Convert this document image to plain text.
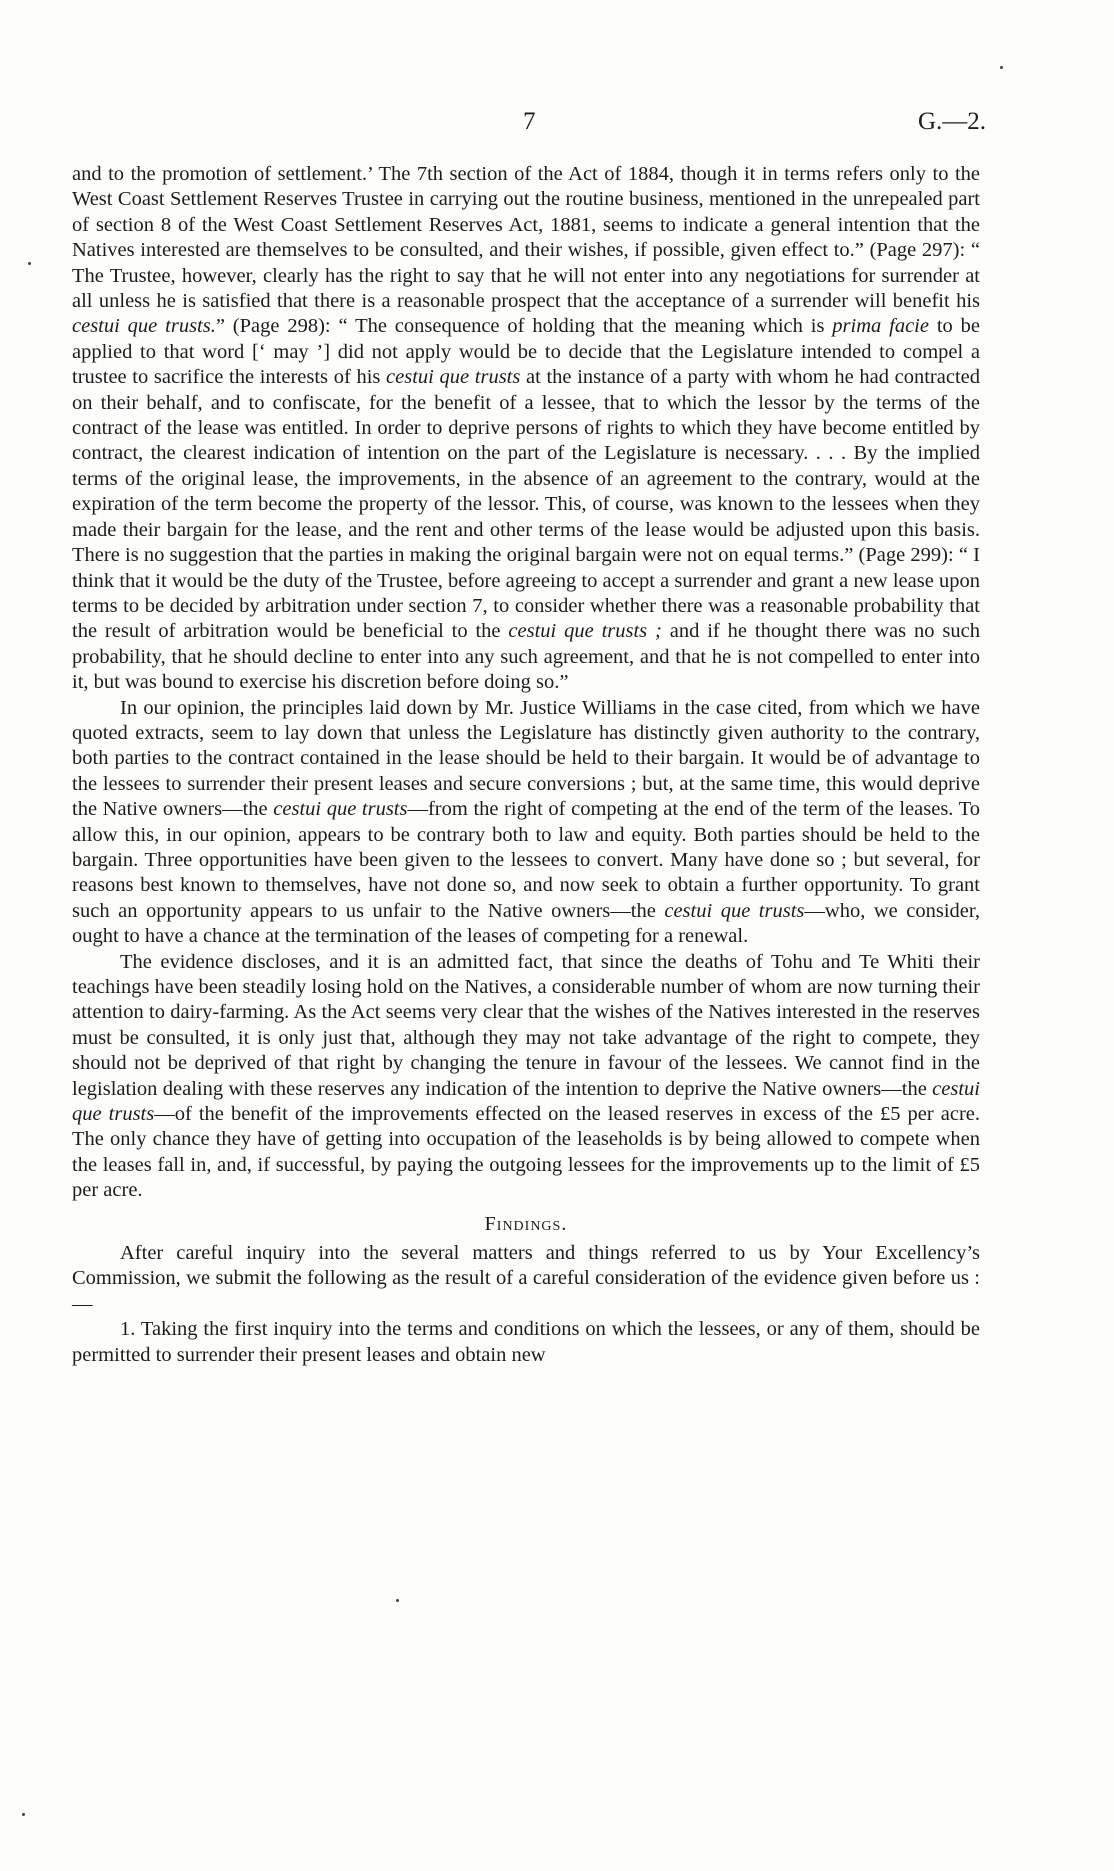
7	G.—2.

and to the promotion of settlement.’ The 7th section of the Act of 1884, though it in terms refers only to the West Coast Settlement Reserves Trustee in carrying out the routine business, mentioned in the unrepealed part of section 8 of the West Coast Settlement Reserves Act, 1881, seems to indicate a general intention that the Natives interested are themselves to be consulted, and their wishes, if possible, given effect to.” (Page 297): “ The Trustee, however, clearly has the right to say that he will not enter into any negotiations for surrender at all unless he is satisfied that there is a reasonable prospect that the acceptance of a surrender will benefit his cestui que trusts.” (Page 298): “ The consequence of holding that the meaning which is prima facie to be applied to that word [‘ may ’] did not apply would be to decide that the Legislature intended to compel a trustee to sacrifice the interests of his cestui que trusts at the instance of a party with whom he had contracted on their behalf, and to confiscate, for the benefit of a lessee, that to which the lessor by the terms of the contract of the lease was entitled. In order to deprive persons of rights to which they have become entitled by contract, the clearest indication of intention on the part of the Legislature is necessary. . . . By the implied terms of the original lease, the improvements, in the absence of an agreement to the contrary, would at the expiration of the term become the property of the lessor. This, of course, was known to the lessees when they made their bargain for the lease, and the rent and other terms of the lease would be adjusted upon this basis. There is no suggestion that the parties in making the original bargain were not on equal terms.” (Page 299): “ I think that it would be the duty of the Trustee, before agreeing to accept a surrender and grant a new lease upon terms to be decided by arbitration under section 7, to consider whether there was a reasonable probability that the result of arbitration would be beneficial to the cestui que trusts ; and if he thought there was no such probability, that he should decline to enter into any such agreement, and that he is not compelled to enter into it, but was bound to exercise his discretion before doing so.”

In our opinion, the principles laid down by Mr. Justice Williams in the case cited, from which we have quoted extracts, seem to lay down that unless the Legislature has distinctly given authority to the contrary, both parties to the contract contained in the lease should be held to their bargain. It would be of advantage to the lessees to surrender their present leases and secure conversions ; but, at the same time, this would deprive the Native owners—the cestui que trusts—from the right of competing at the end of the term of the leases. To allow this, in our opinion, appears to be contrary both to law and equity. Both parties should be held to the bargain. Three opportunities have been given to the lessees to convert. Many have done so ; but several, for reasons best known to themselves, have not done so, and now seek to obtain a further opportunity. To grant such an opportunity appears to us unfair to the Native owners—the cestui que trusts—who, we consider, ought to have a chance at the termination of the leases of competing for a renewal.

The evidence discloses, and it is an admitted fact, that since the deaths of Tohu and Te Whiti their teachings have been steadily losing hold on the Natives, a considerable number of whom are now turning their attention to dairy-farming. As the Act seems very clear that the wishes of the Natives interested in the reserves must be consulted, it is only just that, although they may not take advantage of the right to compete, they should not be deprived of that right by changing the tenure in favour of the lessees. We cannot find in the legislation dealing with these reserves any indication of the intention to deprive the Native owners—the cestui que trusts—of the benefit of the improvements effected on the leased reserves in excess of the £5 per acre. The only chance they have of getting into occupation of the leaseholds is by being allowed to compete when the leases fall in, and, if successful, by paying the outgoing lessees for the improvements up to the limit of £5 per acre.

Findings.

After careful inquiry into the several matters and things referred to us by Your Excellency’s Commission, we submit the following as the result of a careful consideration of the evidence given before us :—

1. Taking the first inquiry into the terms and conditions on which the lessees, or any of them, should be permitted to surrender their present leases and obtain new
